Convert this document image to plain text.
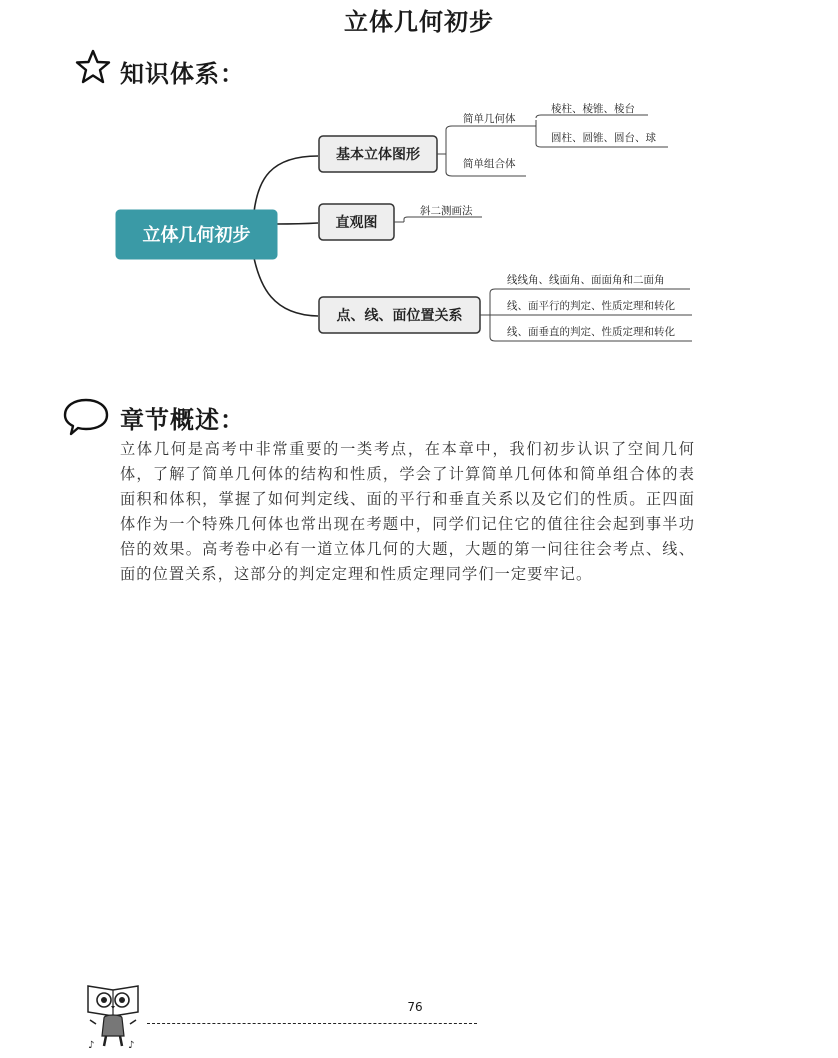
立体几何初步
知识体系：
立体几何初步
基本立体图形
简单几何体
简单组合体
棱柱、棱锥、棱台
圆柱、圆锥、圆台、球
直观图
斜二测画法
点、线、面位置关系
线线角、线面角、面面角和二面角
线、面平行的判定、性质定理和转化
线、面垂直的判定、性质定理和转化
章节概述：
立体几何是高考中非常重要的一类考点，在本章中，我们初步认识了空间几何体，了解了简单几何体的结构和性质，学会了计算简单几何体和简单组合体的表面积和体积，掌握了如何判定线、面的平行和垂直关系以及它们的性质。正四面体作为一个特殊几何体也常出现在考题中，同学们记住它的值往往会起到事半功倍的效果。高考卷中必有一道立体几何的大题，大题的第一问往往会考点、线、面的位置关系，这部分的判定定理和性质定理同学们一定要牢记。
♪	♪
76
